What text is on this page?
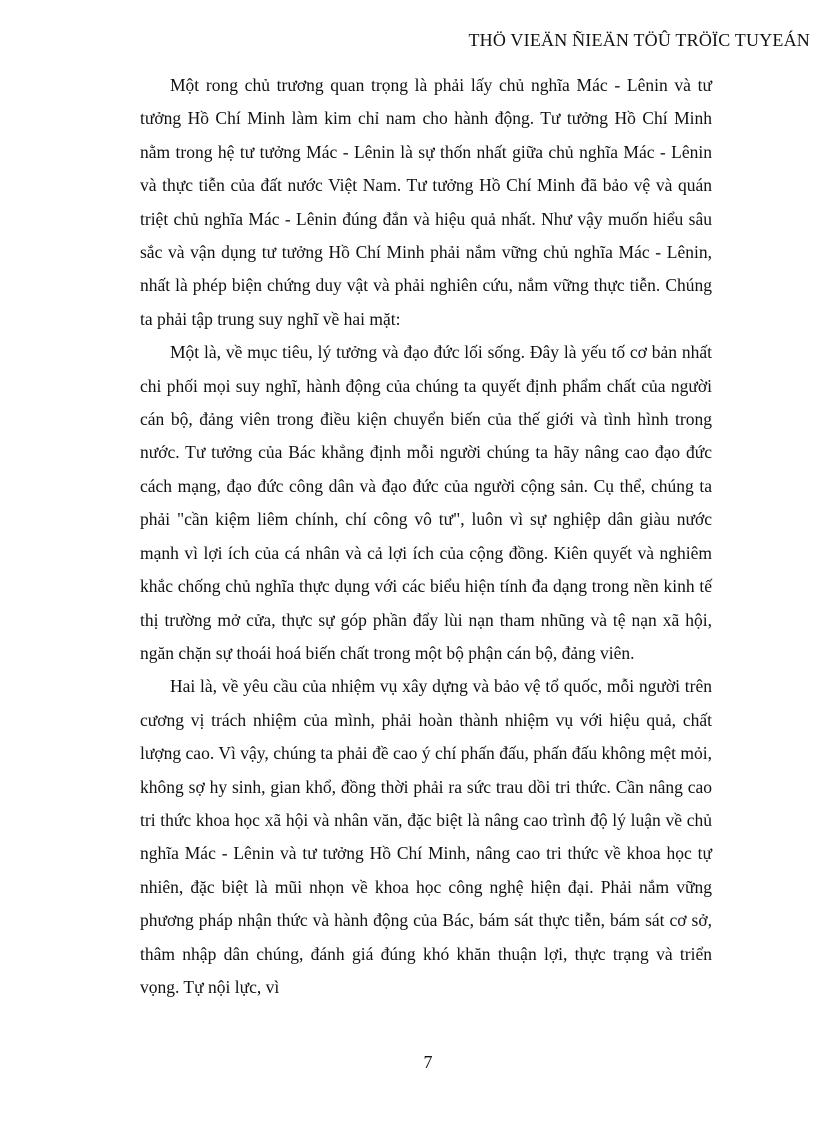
THÖ VIEÄN ÑIEÄN TÖÛ TRÖÏC TUYEÁN

Một rong chủ trương quan trọng là phải lấy chủ nghĩa Mác - Lênin và tư tưởng Hồ Chí Minh làm kim chỉ nam cho hành động. Tư tưởng Hồ Chí Minh nằm trong hệ tư tưởng Mác - Lênin là sự thốn nhất giữa chủ nghĩa Mác - Lênin và thực tiễn của đất nước Việt Nam. Tư tưởng Hồ Chí Minh đã bảo vệ và quán triệt chủ nghĩa Mác - Lênin đúng đắn và hiệu quả nhất. Như vậy muốn hiểu sâu sắc và vận dụng tư tưởng Hồ Chí Minh phải nắm vững chủ nghĩa Mác - Lênin, nhất là phép biện chứng duy vật và phải nghiên cứu, nắm vững thực tiễn. Chúng ta phải tập trung suy nghĩ về hai mặt:

Một là, về mục tiêu, lý tưởng và đạo đức lối sống. Đây là yếu tố cơ bản nhất chi phối mọi suy nghĩ, hành động của chúng ta quyết định phẩm chất của người cán bộ, đảng viên trong điều kiện chuyển biến của thế giới và tình hình trong nước. Tư tưởng của Bác khẳng định mỗi người chúng ta hãy nâng cao đạo đức cách mạng, đạo đức công dân và đạo đức của người cộng sản. Cụ thể, chúng ta phải "cần kiệm liêm chính, chí công vô tư", luôn vì sự nghiệp dân giàu nước mạnh vì lợi ích của cá nhân và cả lợi ích của cộng đồng. Kiên quyết và nghiêm khắc chống chủ nghĩa thực dụng với các biểu hiện tính đa dạng trong nền kinh tế thị trường mở cửa, thực sự góp phần đẩy lùi nạn tham nhũng và tệ nạn xã hội, ngăn chặn sự thoái hoá biến chất trong một bộ phận cán bộ, đảng viên.

Hai là, về yêu cầu của nhiệm vụ xây dựng và bảo vệ tổ quốc, mỗi người trên cương vị trách nhiệm của mình, phải hoàn thành nhiệm vụ với hiệu quả, chất lượng cao. Vì vậy, chúng ta phải đề cao ý chí phấn đấu, phấn đấu không mệt mỏi, không sợ hy sinh, gian khổ, đồng thời phải ra sức trau dồi tri thức. Cần nâng cao tri thức khoa học xã hội và nhân văn, đặc biệt là nâng cao trình độ lý luận về chủ nghĩa Mác - Lênin và tư tưởng Hồ Chí Minh, nâng cao tri thức về khoa học tự nhiên, đặc biệt là mũi nhọn về khoa học công nghệ hiện đại. Phải nắm vững phương pháp nhận thức và hành động của Bác, bám sát thực tiễn, bám sát cơ sở, thâm nhập dân chúng, đánh giá đúng khó khăn thuận lợi, thực trạng và triển vọng. Tự nội lực, vì

7
